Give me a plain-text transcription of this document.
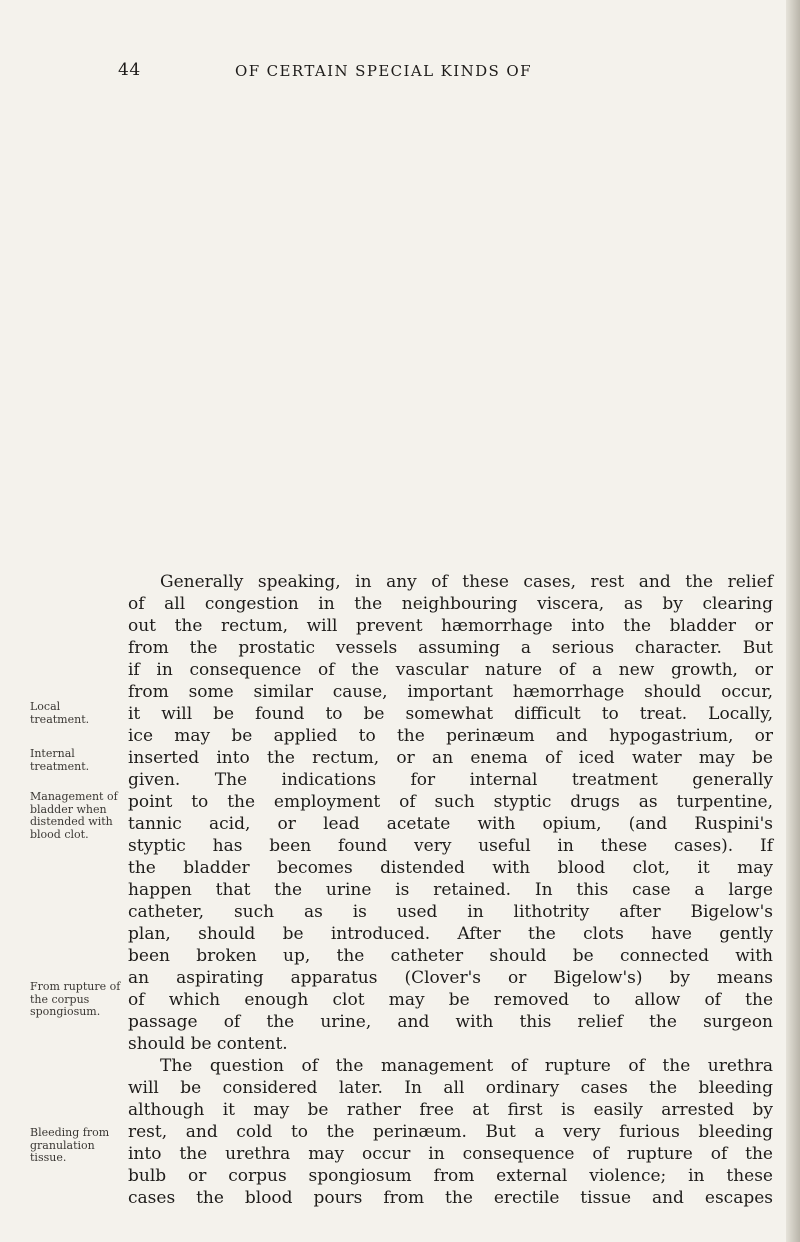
44	OF CERTAIN SPECIAL KINDS OF
Local
treatment.
Internal
treatment.
Management of
bladder when
distended with
blood clot.
From rupture of
the corpus
spongiosum.
Bleeding from
granulation
tissue.
Generally speaking, in any of these cases, rest and the relief
of all congestion in the neighbouring viscera, as by clearing
out the rectum, will prevent hæmorrhage into the bladder or
from the prostatic vessels assuming a serious character. But
if in consequence of the vascular nature of a new growth, or
from some similar cause, important hæmorrhage should occur,
it will be found to be somewhat difficult to treat. Locally,
ice may be applied to the perinæum and hypogastrium, or
inserted into the rectum, or an enema of iced water may be
given. The indications for internal treatment generally
point to the employment of such styptic drugs as turpentine,
tannic acid, or lead acetate with opium, (and Ruspini's
styptic has been found very useful in these cases). If
the bladder becomes distended with blood clot, it may
happen that the urine is retained. In this case a large
catheter, such as is used in lithotrity after Bigelow's
plan, should be introduced. After the clots have gently
been broken up, the catheter should be connected with
an aspirating apparatus (Clover's or Bigelow's) by means
of which enough clot may be removed to allow of the
passage of the urine, and with this relief the surgeon
should be content.
The question of the management of rupture of the urethra
will be considered later. In all ordinary cases the bleeding
although it may be rather free at first is easily arrested by
rest, and cold to the perinæum. But a very furious bleeding
into the urethra may occur in consequence of rupture of the
bulb or corpus spongiosum from external violence; in these
cases the blood pours from the erectile tissue and escapes
